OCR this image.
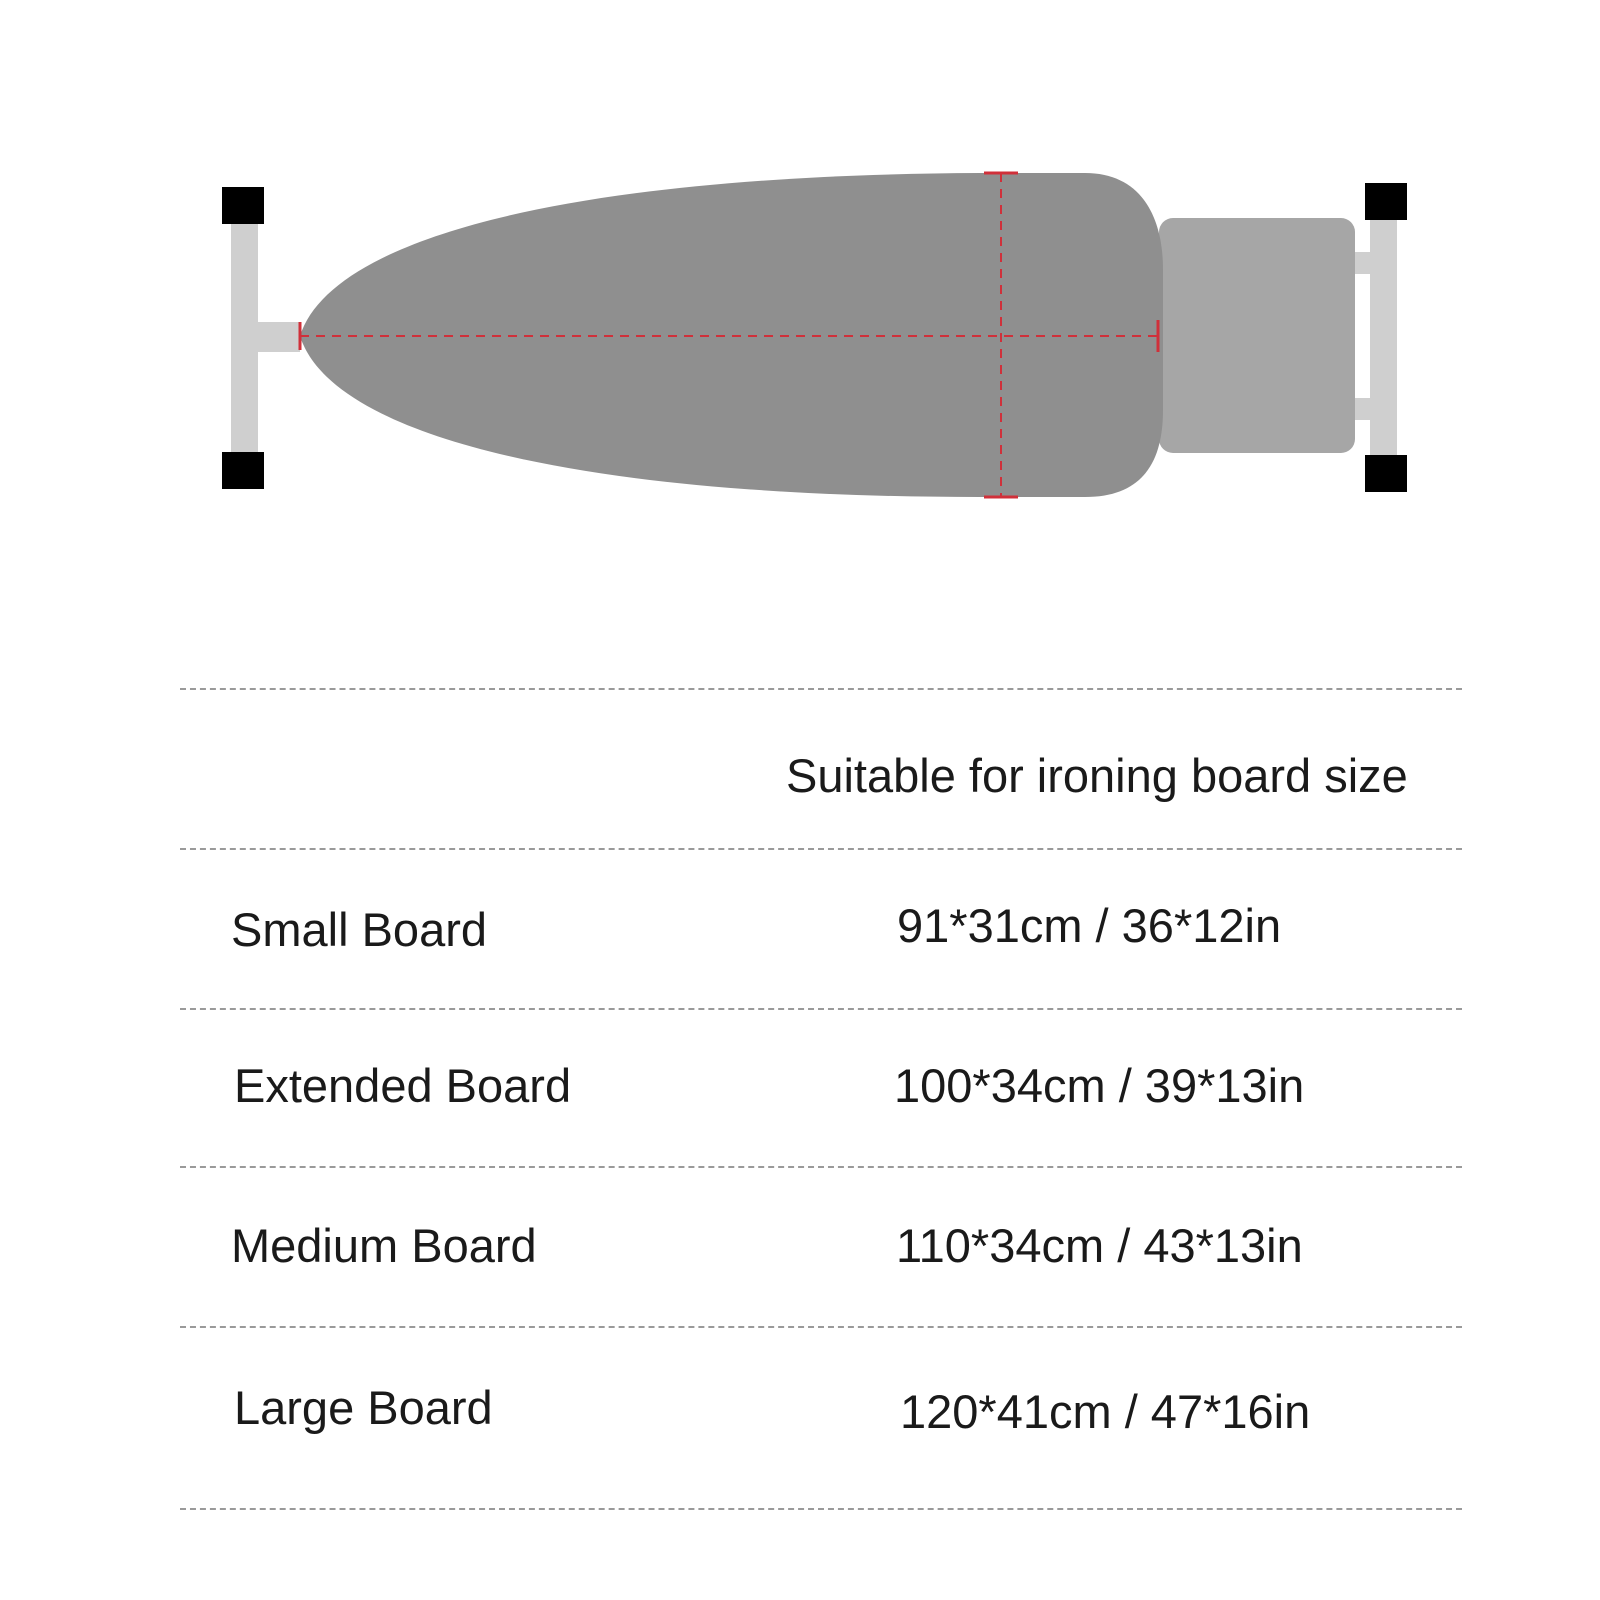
Suitable for ironing board size
Small Board	91*31cm / 36*12in
Extended Board	100*34cm / 39*13in
Medium Board	110*34cm / 43*13in
Large Board	120*41cm / 47*16in
